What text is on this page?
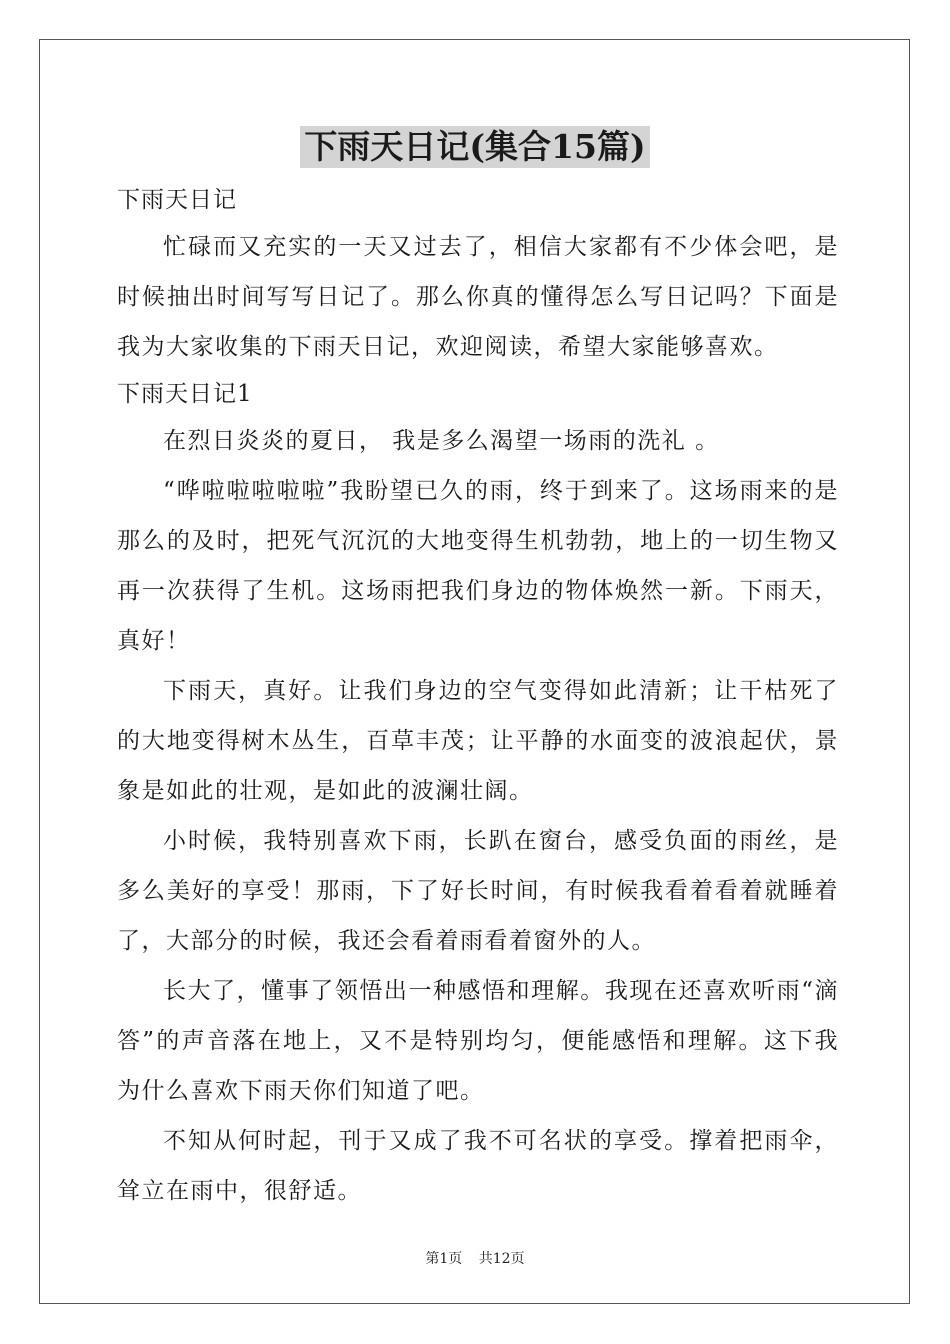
下雨天日记(集合15篇)

下雨天日记

忙碌而又充实的一天又过去了，相信大家都有不少体会吧，是时候抽出时间写写日记了。那么你真的懂得怎么写日记吗？下面是我为大家收集的下雨天日记，欢迎阅读，希望大家能够喜欢。

下雨天日记1

在烈日炎炎的夏日， 我是多么渴望一场雨的洗礼 。

“哗啦啦啦啦啦”我盼望已久的雨，终于到来了。这场雨来的是那么的及时，把死气沉沉的大地变得生机勃勃，地上的一切生物又再一次获得了生机。这场雨把我们身边的物体焕然一新。下雨天，真好！

下雨天，真好。让我们身边的空气变得如此清新；让干枯死了的大地变得树木丛生，百草丰茂；让平静的水面变的波浪起伏，景象是如此的壮观，是如此的波澜壮阔。

小时候，我特别喜欢下雨，长趴在窗台，感受负面的雨丝，是多么美好的享受！那雨，下了好长时间，有时候我看着看着就睡着了，大部分的时候，我还会看着雨看着窗外的人。

长大了，懂事了领悟出一种感悟和理解。我现在还喜欢听雨“滴答”的声音落在地上，又不是特别均匀，便能感悟和理解。这下我为什么喜欢下雨天你们知道了吧。

不知从何时起，刊于又成了我不可名状的享受。撑着把雨伞，耸立在雨中，很舒适。

第1页 共12页
